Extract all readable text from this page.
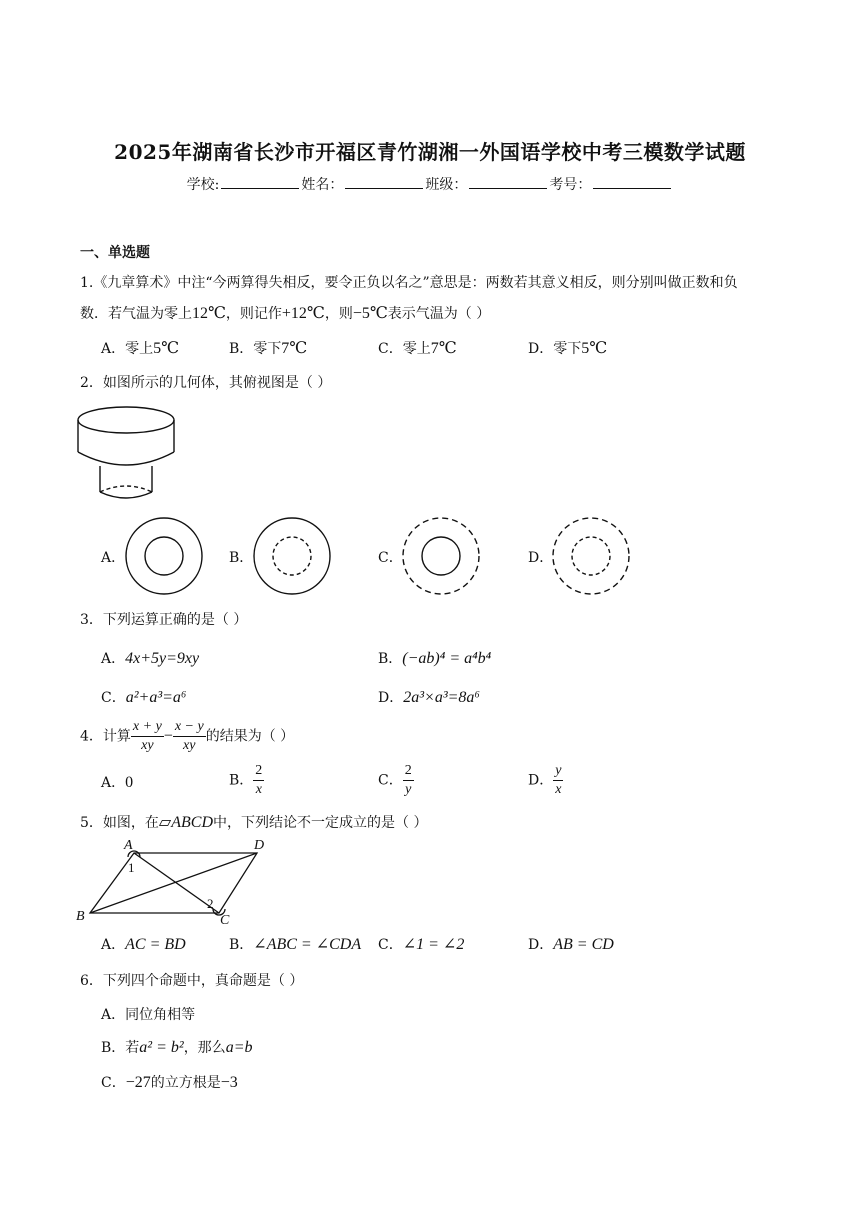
2025年湖南省长沙市开福区青竹湖湘一外国语学校中考三模数学试题
学校:	姓名：	班级：	考号：
一、单选题
1.《九章算术》中注“今两算得失相反，要令正负以名之”意思是：两数若其意义相反，则分别叫做正数和负
数．若气温为零上12℃，则记作+12℃，则−5℃表示气温为（ ）
A．零上5℃	B．零下7℃	C．零上7℃	D．零下5℃
2．如图所示的几何体，其俯视图是（ ）
A．	B．	C．	D．
3．下列运算正确的是（ ）
A．4x+5y=9xy	B．(−ab)⁴ = a⁴b⁴
C．a²+a³=a⁶	D．2a³×a³=8a⁶
4．计算 $\frac{x + y}{xy} - \frac{x - y}{xy}$ 的结果为（ ）
A．0	B． $\frac{2}{x}$	C． $\frac{2}{y}$	D． $\frac{y}{x}$
5．如图，在▱ABCD中，下列结论不一定成立的是（ ）
A	D
B	C
1
2
A．AC = BD	B．∠ABC = ∠CDA C．∠1 = ∠2	D．AB = CD
6．下列四个命题中，真命题是（ ）
A．同位角相等
B．若a² = b²，那么a=b
C．−27的立方根是−3
